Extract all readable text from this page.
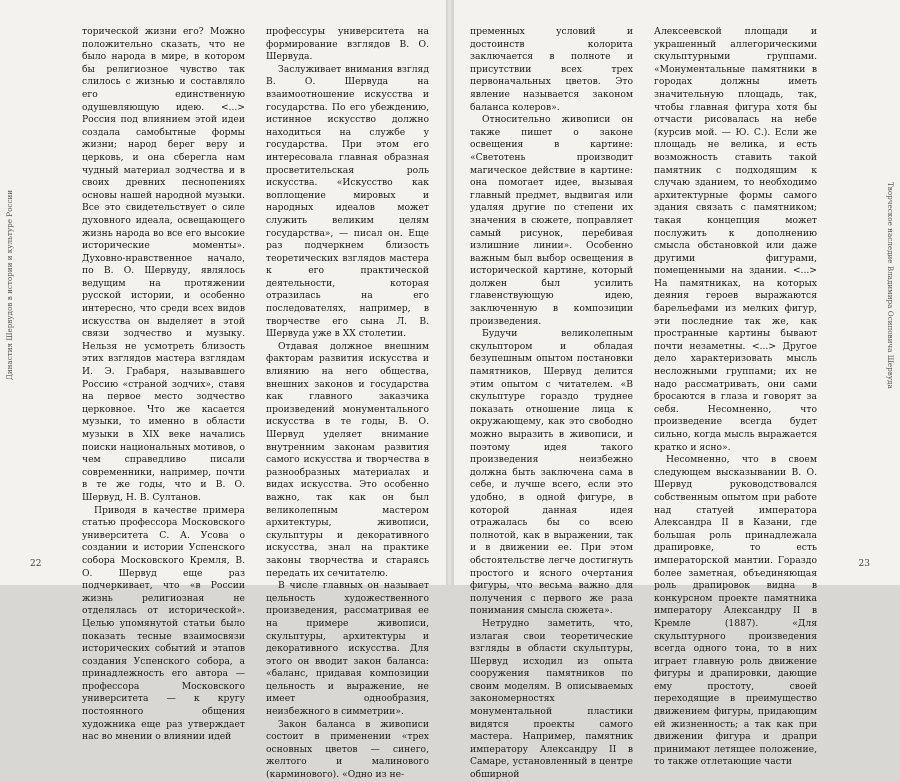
Династия Шервудов в истории и культуре России

торической жизни его? Можно положительно сказать, что не было народа в мире, в котором бы религиозное чувство так слилось с жизнью и составляло его единственную одушевляющую идею. <...> Россия под влиянием этой идеи создала самобытные формы жизни; народ берег веру и церковь, и она сберегла нам чудный материал зодчества и в своих древних песнопениях основы нашей народной музыки. Все это свидетельствует о силе духовного идеала, освещающего жизнь народа во все его высокие исторические моменты». Духовно-нравственное начало, по В. О. Шервуду, являлось ведущим на протяжении русской истории, и особенно интересно, что среди всех видов искусства он выделяет в этой связи зодчество и музыку. Нельзя не усмотреть близость этих взглядов мастера взглядам И. Э. Грабаря, называвшего Россию «страной зодчих», ставя на первое место зодчество церковное. Что же касается музыки, то именно в области музыки в XIX веке начались поиски национальных мотивов, о чем справедливо писали современники, например, почти в те же годы, что и В. О. Шервуд, Н. В. Султанов.

Приводя в качестве примера статью профессора Московского университета С. А. Усова о создании и истории Успенского собора Московского Кремля, В. О. Шервуд еще раз подчеркивает, что «в России жизнь религиозная не отделялась от исторической». Целью упомянутой статьи было показать тесные взаимосвязи исторических событий и этапов создания Успенского собора, а принадлежность его автора — профессора Московского университета — к кругу постоянного общения художника еще раз утверждает нас во мнении о влиянии идей

профессуры университета на формирование взглядов В. О. Шервуда.

Заслуживает внимания взгляд В. О. Шервуда на взаимоотношение искусства и государства. По его убеждению, истинное искусство должно находиться на службе у государства. При этом его интересовала главная образная просветительская роль искусства. «Искусство как воплощение мировых и народных идеалов может служить великим целям государства», — писал он. Еще раз подчеркнем близость теоретических взглядов мастера к его практической деятельности, которая отразилась на его последователях, например, в творчестве его сына Л. В. Шервуда уже в XX столетии.

Отдавая должное внешним факторам развития искусства и влиянию на него общества, внешних законов и государства как главного заказчика произведений монументального искусства в те годы, В. О. Шервуд уделяет внимание внутренним законам развития самого искусства и творчества в разнообразных материалах и видах искусства. Это особенно важно, так как он был великолепным мастером архитектуры, живописи, скульптуры и декоративного искусства, знал на практике законы творчества и стараясь передать их сечитателю.

В числе главных он называет цельность художественного произведения, рассматривая ее на примере живописи, скульптуры, архитектуры и декоративного искусства. Для этого он вводит закон баланса: «баланс, придавая композиции цельность и выражение, не имеет однообразия, неизбежного в симметрии».

Закон баланса в живописи состоит в применении «трех основных цветов — синего, желтого и малинового (карминового). «Одно из не-

22
Творческое наследие Владимира Осиповича Шервуда

пременных условий и достоинств колорита заключается в полноте и присутствии всех трех первоначальных цветов. Это явление называется законом баланса колеров».

Относительно живописи он также пишет о законе освещения в картине: «Светотень производит магическое действие в картине: она помогает идее, вызывая главный предмет, выдвигая или удаляя другие по степени их значения в сюжете, поправляет самый рисунок, перебивая излишние линии». Особенно важным был выбор освещения в исторической картине, который должен был усилить главенствующую идею, заключенную в композиции произведения.

Будучи великолепным скульптором и обладая безупешным опытом постановки памятников, Шервуд делится этим опытом с читателем. «В скульптуре гораздо труднее показать отношение лица к окружающему, как это свободно можно выразить в живописи, и поэтому идея такого произведения неизбежно должна быть заключена сама в себе, и лучше всего, если это удобно, в одной фигуре, в которой данная идея отражалась бы со всею полнотой, как в выражении, так и в движении ее. При этом обстоятельстве легче достигнуть простого и ясного очертания фигуры, что весьма важно для получения с первого же раза понимания смысла сюжета».

Нетрудно заметить, что, излагая свои теоретические взгляды в области скульптуры, Шервуд исходил из опыта сооружения памятников по своим моделям. В описываемых закономерностях монументальной пластики видятся проекты самого мастера. Например, памятник императору Александру II в Самаре, установленный в центре обширной

Алексеевской площади и украшенный аллегорическими скульптурными группами. «Монументальные памятники в городах должны иметь значительную площадь, так, чтобы главная фигура хотя бы отчасти рисовалась на небе (курсив мой. — Ю. С.). Если же площадь не велика, и есть возможность ставить такой памятник с подходящим к случаю зданием, то необходимо архитектурные формы самого здания связать с памятником; такая концепция может послужить к дополнению смысла обстановкой или даже другими фигурами, помещенными на здании. <...> На памятниках, на которых деяния героев выражаются барельефами из мелких фигур, эти последние так же, как пространные картины бывают почти незаметны. <...> Другое дело характеризовать мысль несложными группами; их не надо рассматривать, они сами бросаются в глаза и говорят за себя. Несомненно, что произведение всегда будет сильно, когда мысль выражается кратко и ясно».

Несомненно, что в своем следующем высказывании В. О. Шервуд руководствовался собственным опытом при работе над статуей императора Александра II в Казани, где большая роль принадлежала драпировке, то есть императорской мантии. Гораздо более заметная, объединяющая роль драпировок видна в конкурсном проекте памятника императору Александру II в Кремле (1887). «Для скульптурного произведения всегда одного тона, то в них играет главную роль движение фигуры и драпировки, дающие ему простоту, своей переходящие в преимущество движением фигуры, придающим ей жизненность; а так как при движении фигура и драпри принимают летящее положение, то также отлетающие части

23
